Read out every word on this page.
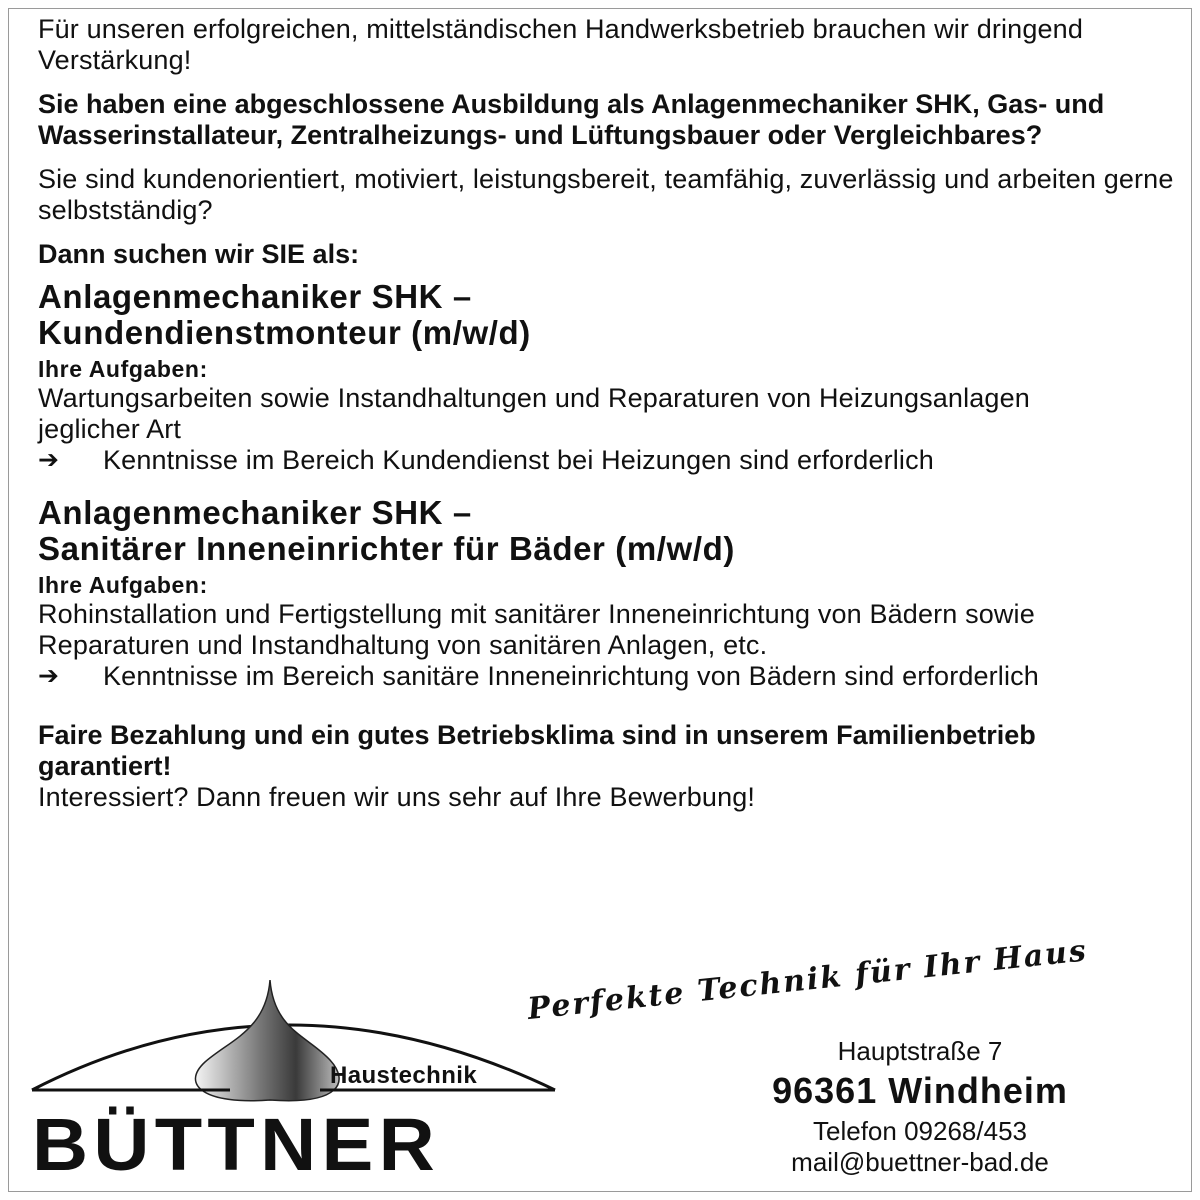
Für unseren erfolgreichen, mittelständischen Handwerksbetrieb brauchen wir dringend Verstärkung!

Sie haben eine abgeschlossene Ausbildung als Anlagenmechaniker SHK, Gas- und Wasserinstallateur, Zentralheizungs- und Lüftungsbauer oder Vergleichbares?

Sie sind kundenorientiert, motiviert, leistungsbereit, teamfähig, zuverlässig und arbeiten gerne selbstständig?

Dann suchen wir SIE als:

Anlagenmechaniker SHK –
Kundendienstmonteur (m/w/d)
Ihre Aufgaben:

Wartungsarbeiten sowie Instandhaltungen und Reparaturen von Heizungsanlagen jeglicher Art

➔	Kenntnisse im Bereich Kundendienst bei Heizungen sind erforderlich
Anlagenmechaniker SHK –
Sanitärer Inneneinrichter für Bäder (m/w/d)
Ihre Aufgaben:

Rohinstallation und Fertigstellung mit sanitärer Inneneinrichtung von Bädern sowie Reparaturen und Instandhaltung von sanitären Anlagen, etc.

➔	Kenntnisse im Bereich sanitäre Inneneinrichtung von Bädern sind erforderlich

Faire Bezahlung und ein gutes Betriebsklima sind in unserem Familienbetrieb garantiert!

Interessiert? Dann freuen wir uns sehr auf Ihre Bewerbung!

Haustechnik
BÜTTNER
Perfekte Technik für Ihr Haus
Hauptstraße 7
96361 Windheim
Telefon 09268/453
mail@buettner-bad.de
